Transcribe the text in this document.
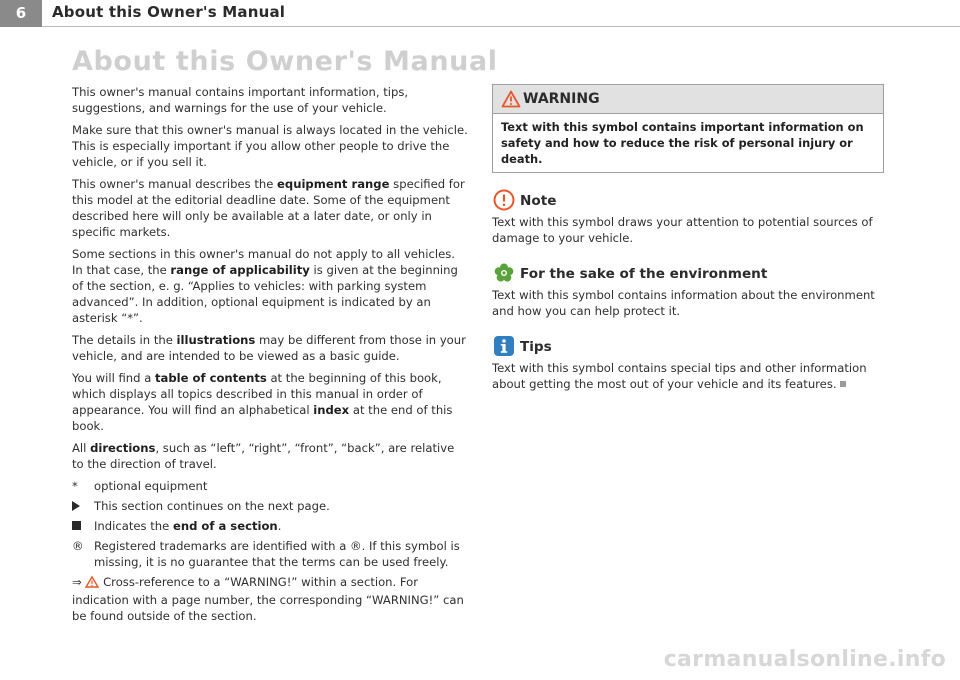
6	About this Owner's Manual
About this Owner's Manual

This owner's manual contains important information, tips, suggestions, and warnings for the use of your vehicle.

Make sure that this owner's manual is always located in the vehicle. This is especially important if you allow other people to drive the vehicle, or if you sell it.

This owner's manual describes the equipment range specified for this model at the editorial deadline date. Some of the equipment described here will only be available at a later date, or only in specific markets.

Some sections in this owner's manual do not apply to all vehicles. In that case, the range of applicability is given at the beginning of the section, e. g. “Applies to vehicles: with parking system advanced”. In addition, optional equipment is indicated by an asterisk “*”.

The details in the illustrations may be different from those in your vehicle, and are intended to be viewed as a basic guide.

You will find a table of contents at the beginning of this book, which displays all topics described in this manual in order of appearance. You will find an alphabetical index at the end of this book.

All directions, such as “left”, “right”, “front”, “back”, are relative to the direction of travel.

*	optional equipment
This section continues on the next page.
Indicates the end of a section.
® Registered trademarks are identified with a ®. If this symbol is missing, it is no guarantee that the terms can be used freely.
⇒  Cross-reference to a “WARNING!” within a section. For indication with a page number, the corresponding “WARNING!” can be found outside of the section.
WARNING
Text with this symbol contains important information on safety and how to reduce the risk of personal injury or death.
Note
Text with this symbol draws your attention to potential sources of damage to your vehicle.
For the sake of the environment
Text with this symbol contains information about the environment and how you can help protect it.
Tips
Text with this symbol contains special tips and other information about getting the most out of your vehicle and its features.
carmanualsonline.info
